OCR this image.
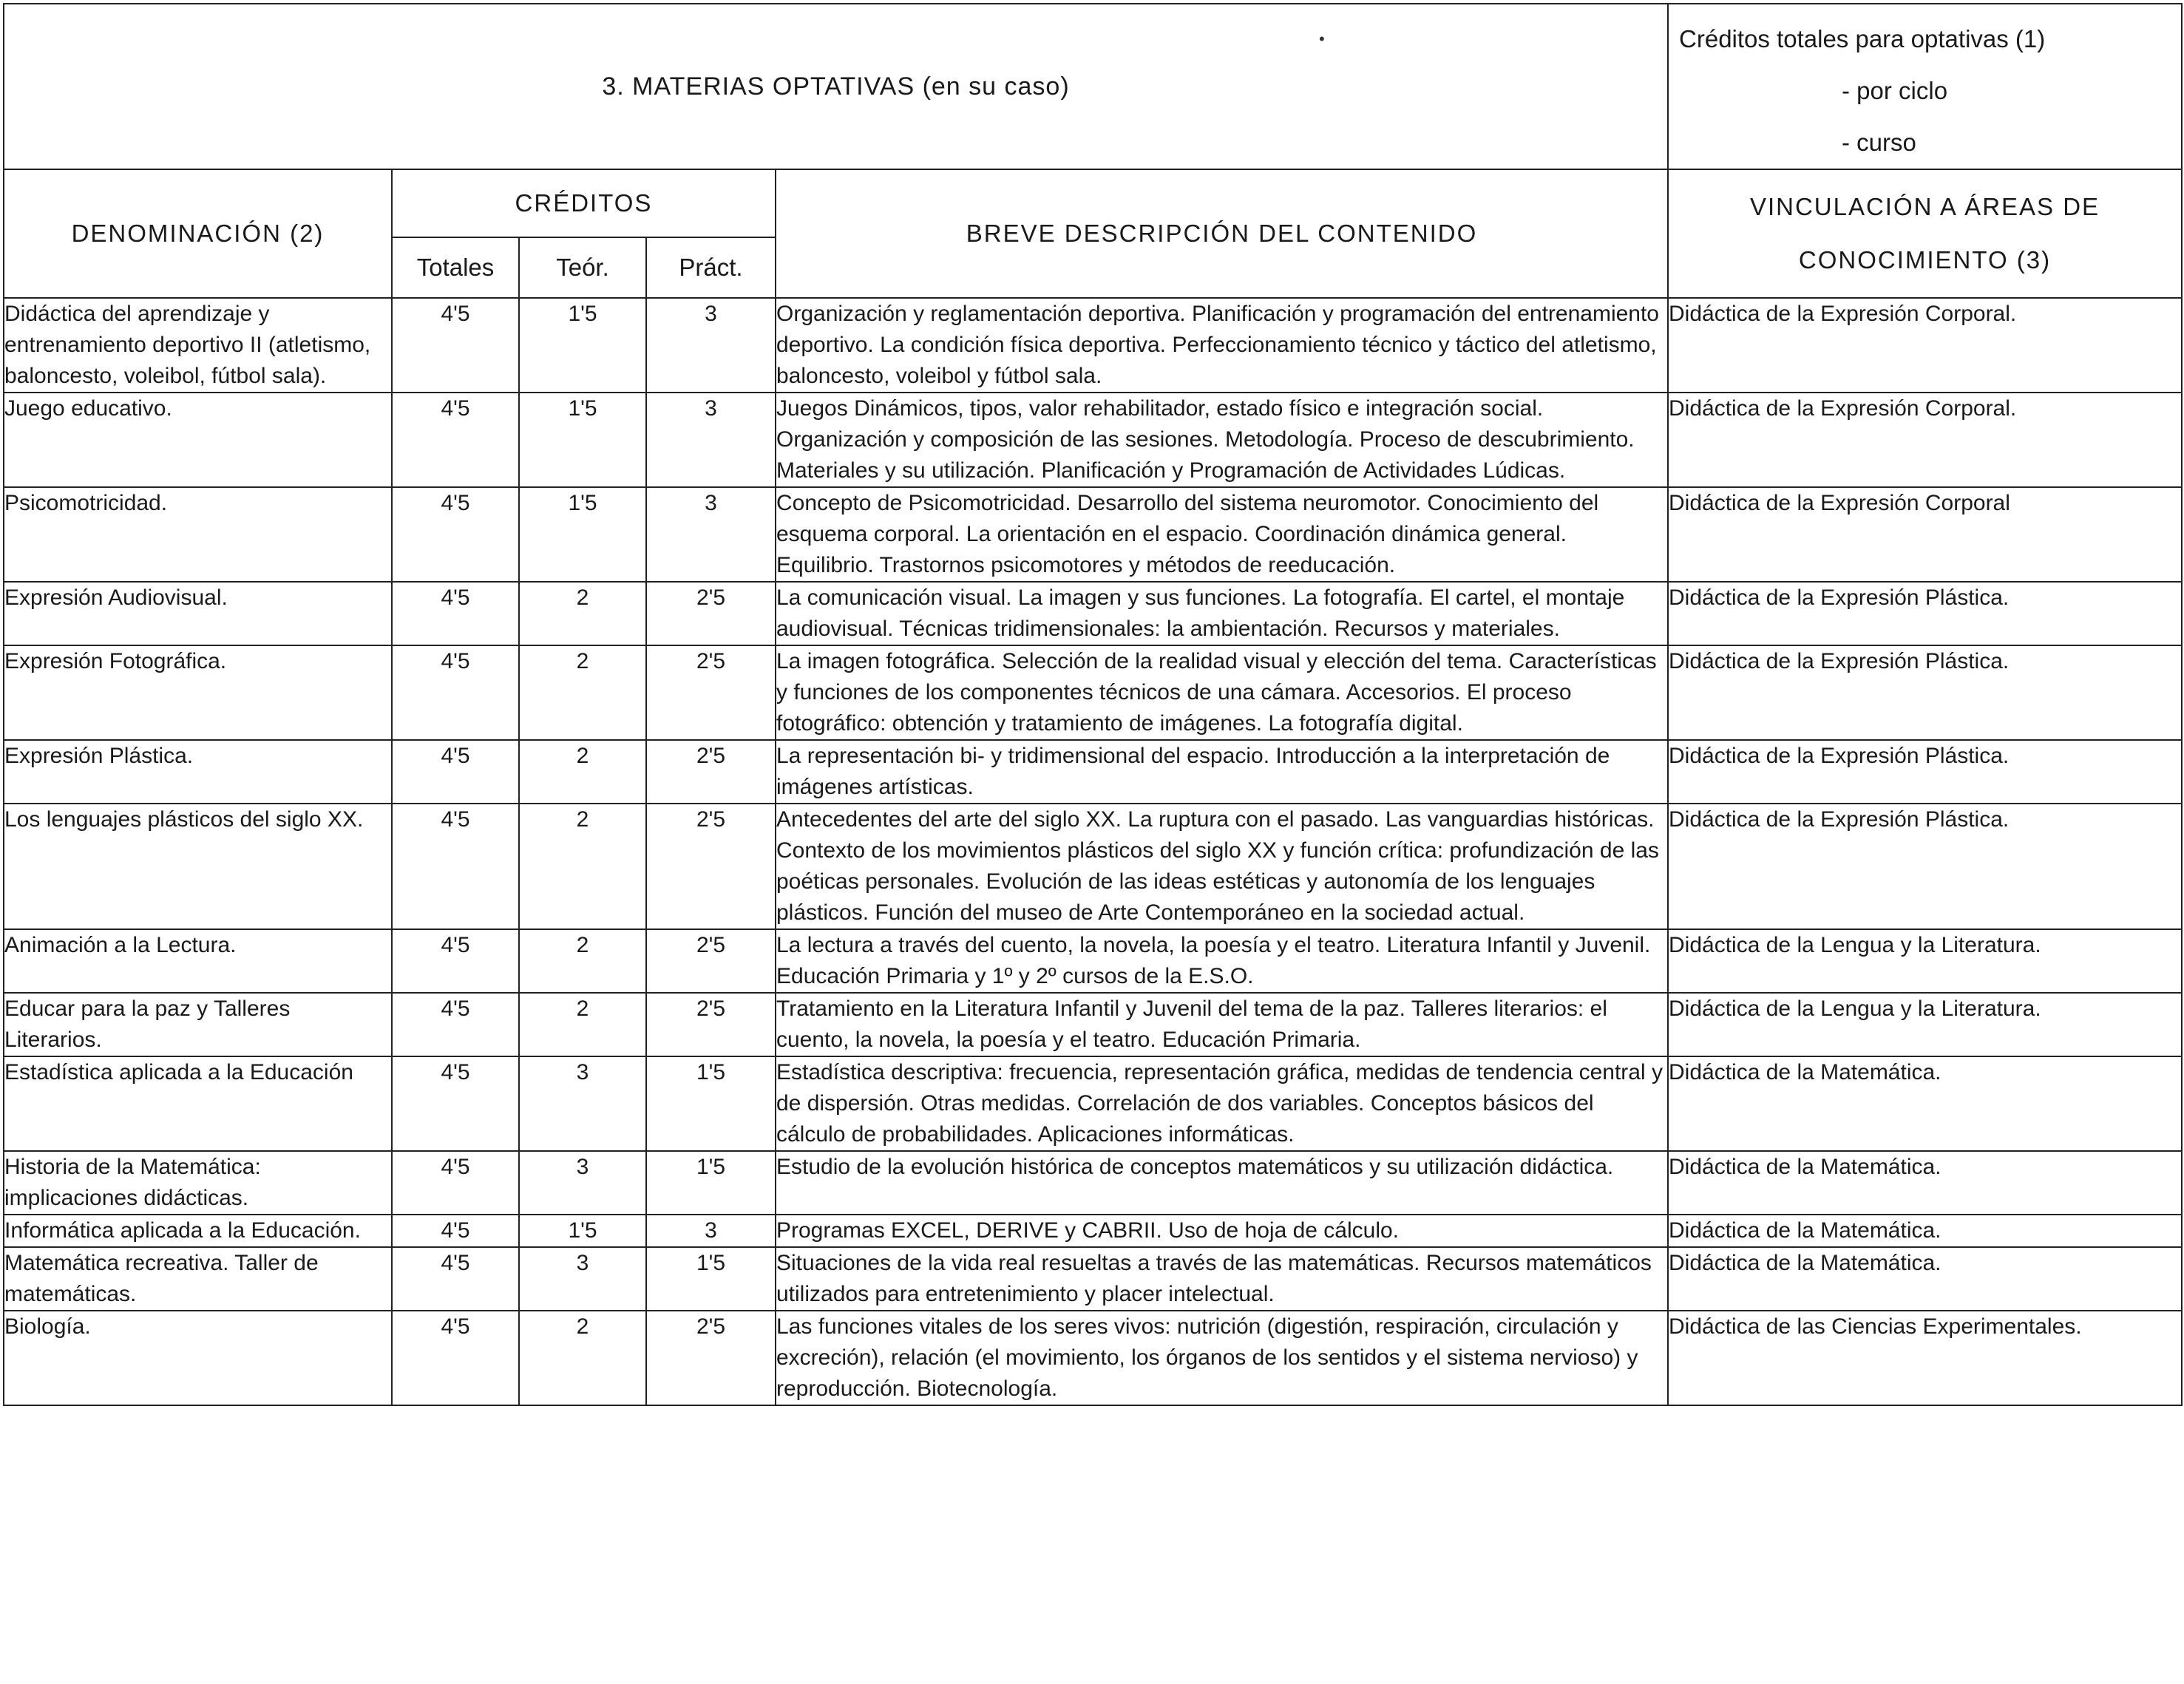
3. MATERIAS OPTATIVAS (en su caso)					Créditos totales para optativas (1)
- por ciclo
- curso

DENOMINACIÓN (2)	CRÉDITOS			BREVE DESCRIPCIÓN DEL CONTENIDO	VINCULACIÓN A ÁREAS DE
CONOCIMIENTO (3)
	Totales	Teór.	Práct.		
Didáctica del aprendizaje y entrenamiento deportivo II (atletismo, baloncesto, voleibol, fútbol sala).	4'5	1'5	3	Organización y reglamentación deportiva. Planificación y programación del entrenamiento deportivo. La condición física deportiva. Perfeccionamiento técnico y táctico del atletismo, baloncesto, voleibol y fútbol sala.	Didáctica de la Expresión Corporal.
Juego educativo.	4'5	1'5	3	Juegos Dinámicos, tipos, valor rehabilitador, estado físico e integración social. Organización y composición de las sesiones. Metodología. Proceso de descubrimiento. Materiales y su utilización. Planificación y Programación de Actividades Lúdicas.	Didáctica de la Expresión Corporal.
Psicomotricidad.	4'5	1'5	3	Concepto de Psicomotricidad. Desarrollo del sistema neuromotor. Conocimiento del esquema corporal. La orientación en el espacio. Coordinación dinámica general. Equilibrio. Trastornos psicomotores y métodos de reeducación.	Didáctica de la Expresión Corporal
Expresión Audiovisual.	4'5	2	2'5	La comunicación visual. La imagen y sus funciones. La fotografía. El cartel, el montaje audiovisual. Técnicas tridimensionales: la ambientación. Recursos y materiales.	Didáctica de la Expresión Plástica.
Expresión Fotográfica.	4'5	2	2'5	La imagen fotográfica. Selección de la realidad visual y elección del tema. Características y funciones de los componentes técnicos de una cámara. Accesorios. El proceso fotográfico: obtención y tratamiento de imágenes. La fotografía digital.	Didáctica de la Expresión Plástica.
Expresión Plástica.	4'5	2	2'5	La representación bi- y tridimensional del espacio. Introducción a la interpretación de imágenes artísticas.	Didáctica de la Expresión Plástica.
Los lenguajes plásticos del siglo XX.	4'5	2	2'5	Antecedentes del arte del siglo XX. La ruptura con el pasado. Las vanguardias históricas. Contexto de los movimientos plásticos del siglo XX y función crítica: profundización de las poéticas personales. Evolución de las ideas estéticas y autonomía de los lenguajes plásticos. Función del museo de Arte Contemporáneo en la sociedad actual.	Didáctica de la Expresión Plástica.
Animación a la Lectura.	4'5	2	2'5	La lectura a través del cuento, la novela, la poesía y el teatro. Literatura Infantil y Juvenil. Educación Primaria y 1º y 2º cursos de la E.S.O.	Didáctica de la Lengua y la Literatura.
Educar para la paz y Talleres Literarios.	4'5	2	2'5	Tratamiento en la Literatura Infantil y Juvenil del tema de la paz. Talleres literarios: el cuento, la novela, la poesía y el teatro. Educación Primaria.	Didáctica de la Lengua y la Literatura.
Estadística aplicada a la Educación	4'5	3	1'5	Estadística descriptiva: frecuencia, representación gráfica, medidas de tendencia central y de dispersión. Otras medidas. Correlación de dos variables. Conceptos básicos del cálculo de probabilidades. Aplicaciones informáticas.	Didáctica de la Matemática.
Historia de la Matemática: implicaciones didácticas.	4'5	3	1'5	Estudio de la evolución histórica de conceptos matemáticos y su utilización didáctica.	Didáctica de la Matemática.
Informática aplicada a la Educación.	4'5	1'5	3	Programas EXCEL, DERIVE y CABRII. Uso de hoja de cálculo.	Didáctica de la Matemática.
Matemática recreativa. Taller de matemáticas.	4'5	3	1'5	Situaciones de la vida real resueltas a través de las matemáticas. Recursos matemáticos utilizados para entretenimiento y placer intelectual.	Didáctica de la Matemática.
Biología.	4'5	2	2'5	Las funciones vitales de los seres vivos: nutrición (digestión, respiración, circulación y excreción), relación (el movimiento, los órganos de los sentidos y el sistema nervioso) y reproducción. Biotecnología.	Didáctica de las Ciencias Experimentales.
•
